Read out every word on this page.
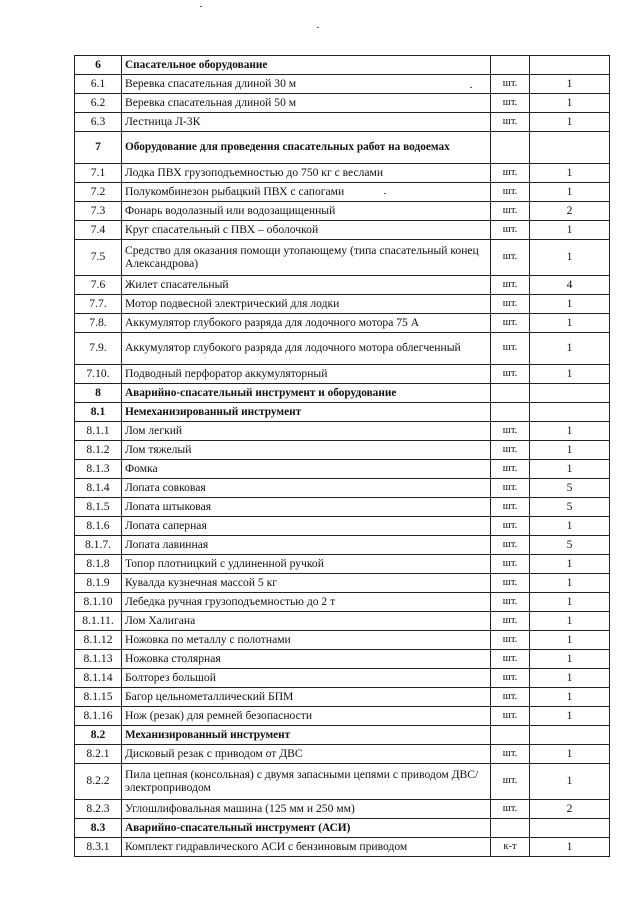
6	Спасательное оборудование		
6.1	Веревка спасательная длиной 30 м	шт.	1
6.2	Веревка спасательная длиной 50 м	шт.	1
6.3	Лестница Л-3К	шт.	1
7	Оборудование для проведения спасательных работ на водоемах		
7.1	Лодка ПВХ грузоподъемностью до 750 кг с веслами	шт.	1
7.2	Полукомбинезон рыбацкий ПВХ с сапогами	шт.	1
7.3	Фонарь водолазный или водозащищенный	шт.	2
7.4	Круг спасательный с ПВХ – оболочкой	шт.	1
7.5	Средство для оказания помощи утопающему (типа спасательный конец Александрова)	шт.	1
7.6	Жилет спасательный	шт.	4
7.7.	Мотор подвесной электрический для лодки	шт.	1
7.8.	Аккумулятор глубокого разряда для лодочного мотора 75 А	шт.	1
7.9.	Аккумулятор глубокого разряда для лодочного мотора облегченный	шт.	1
7.10.	Подводный перфоратор аккумуляторный	шт.	1
8	Аварийно-спасательный инструмент и оборудование		
8.1	Немеханизированный инструмент		
8.1.1	Лом легкий	шт.	1
8.1.2	Лом тяжелый	шт.	1
8.1.3	Фомка	шт.	1
8.1.4	Лопата совковая	шт.	5
8.1.5	Лопата штыковая	шт.	5
8.1.6	Лопата саперная	шт.	1
8.1.7.	Лопата лавинная	шт.	5
8.1.8	Топор плотницкий с удлиненной ручкой	шт.	1
8.1.9	Кувалда кузнечная массой 5 кг	шт.	1
8.1.10	Лебедка ручная грузоподъемностью до 2 т	шт.	1
8.1.11.	Лом Халигана	шт.	1
8.1.12	Ножовка по металлу с полотнами	шт.	1
8.1.13	Ножовка столярная	шт.	1
8.1.14	Болторез большой	шт.	1
8.1.15	Багор цельнометаллический БПМ	шт.	1
8.1.16	Нож (резак) для ремней безопасности	шт.	1
8.2	Механизированный инструмент		
8.2.1	Дисковый резак с приводом от ДВС	шт.	1
8.2.2	Пила цепная (консольная) с двумя запасными цепями с приводом ДВС/электроприводом	шт.	1
8.2.3	Углошлифовальная машина (125 мм и 250 мм)	шт.	2
8.3	Аварийно-спасательный инструмент (АСИ)		
8.3.1	Комплект гидравлического АСИ с бензиновым приводом	к-т	1
